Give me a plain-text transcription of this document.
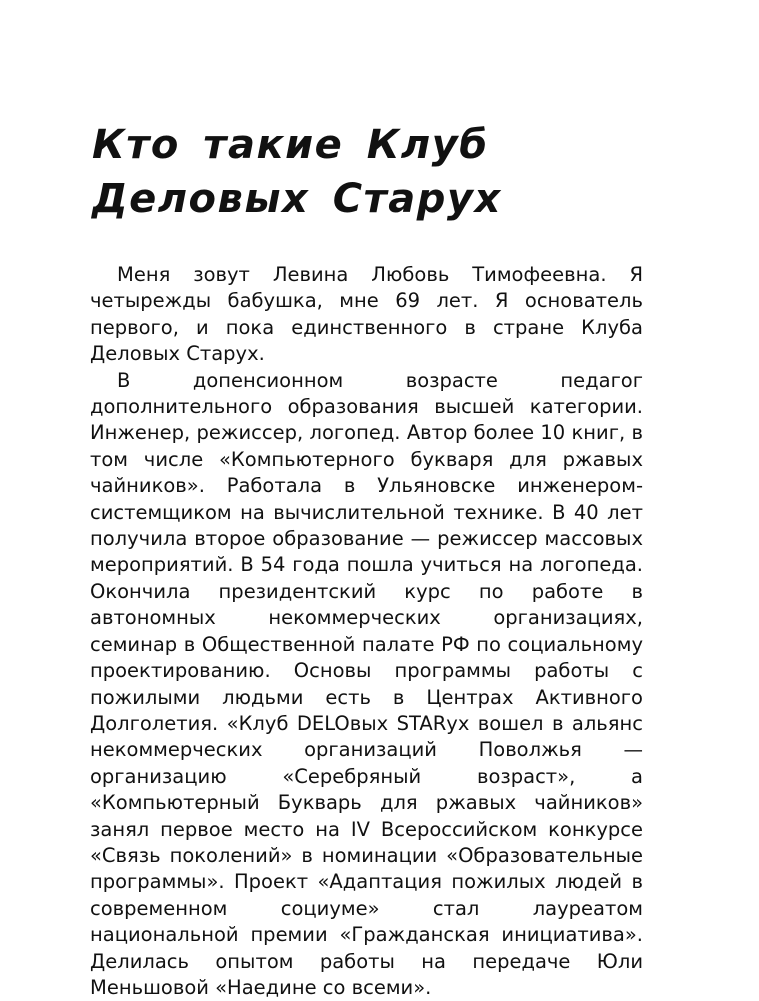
Кто такие Клуб
Деловых Старух

Меня зовут Левина Любовь Тимофеевна. Я четырежды бабушка, мне 69 лет. Я основатель первого, и пока единственного в стране Клуба Деловых Старух.

В допенсионном возрасте педагог дополнительного образования высшей категории. Инженер, режиссер, логопед. Автор более 10 книг, в том числе «Компьютерного букваря для ржавых чайников». Работала в Ульяновске инженером-системщиком на вычислительной технике. В 40 лет получила второе образование — режиссер массовых мероприятий. В 54 года пошла учиться на логопеда. Окончила президентский курс по работе в автономных некоммерческих организациях, семинар в Общественной палате РФ по социальному проектированию. Основы программы работы с пожилыми людьми есть в Центрах Активного Долголетия. «Клуб DELOвых STARух вошел в альянс некоммерческих организаций Поволжья — организацию «Серебряный возраст», а «Компьютерный Букварь для ржавых чайников» занял первое место на IV Всероссийском конкурсе «Связь поколений» в номинации «Образовательные программы». Проект «Адаптация пожилых людей в современном социуме» стал лауреатом национальной премии «Гражданская инициатива». Делилась опытом работы на передаче Юли Меньшовой «Наедине со всеми».
